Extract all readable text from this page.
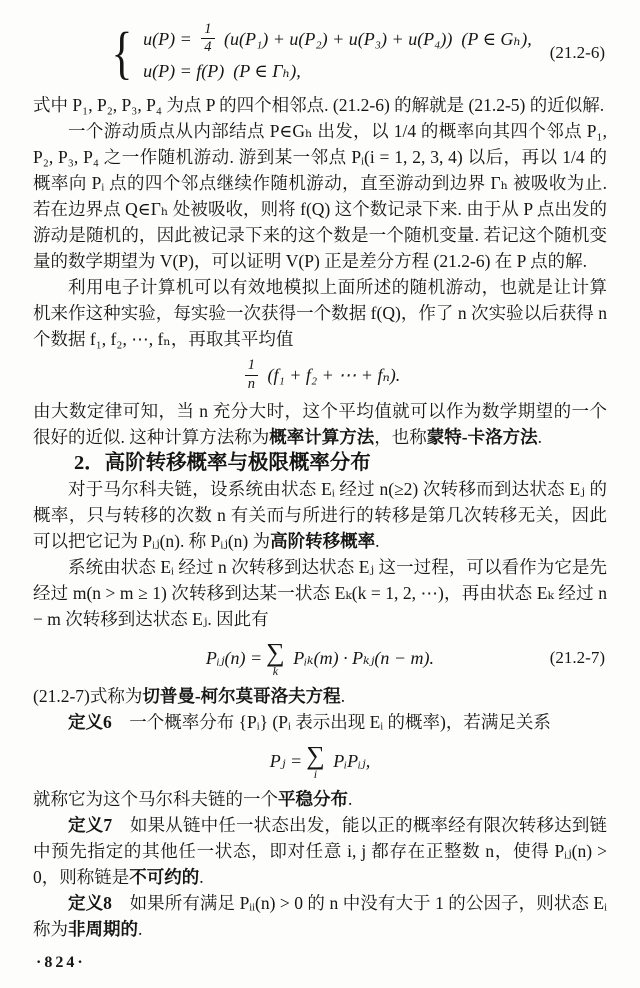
{ $u(P) = \frac{1}{4} (u(P_1) + u(P_2) + u(P_3) + u(P_4))$  (P ∈ Gₕ),
u(P) = f(P)  (P ∈ Γₕ),
(21.2-6)

式中 P₁, P₂, P₃, P₄ 为点 P 的四个相邻点. (21.2-6) 的解就是 (21.2-5) 的近似解.

一个游动质点从内部结点 P∈Gₕ 出发，以 1/4 的概率向其四个邻点 P₁, P₂, P₃, P₄ 之一作随机游动. 游到某一邻点 Pᵢ(i = 1, 2, 3, 4) 以后，再以 1/4 的概率向 Pᵢ 点的四个邻点继续作随机游动，直至游动到边界 Γₕ 被吸收为止. 若在边界点 Q∈Γₕ 处被吸收，则将 f(Q) 这个数记录下来. 由于从 P 点出发的游动是随机的，因此被记录下来的这个数是一个随机变量. 若记这个随机变量的数学期望为 V(P)，可以证明 V(P) 正是差分方程 (21.2-6) 在 P 点的解.

利用电子计算机可以有效地模拟上面所述的随机游动，也就是让计算机来作这种实验，每实验一次获得一个数据 f(Q)，作了 n 次实验以后获得 n 个数据 f₁, f₂, ⋯, fₙ，再取其平均值

$\frac{1}{n} (f_1 + f_2$ + ⋯ + fₙ).

由大数定律可知，当 n 充分大时，这个平均值就可以作为数学期望的一个很好的近似. 这种计算方法称为概率计算方法，也称蒙特-卡洛方法.

2．高阶转移概率与极限概率分布

对于马尔科夫链，设系统由状态 Eᵢ 经过 n(≥2) 次转移而到达状态 Eⱼ 的概率，只与转移的次数 n 有关而与所进行的转移是第几次转移无关，因此可以把它记为 Pᵢⱼ(n). 称 Pᵢⱼ(n) 为高阶转移概率.

系统由状态 Eᵢ 经过 n 次转移到达状态 Eⱼ 这一过程，可以看作为它是先经过 m(n > m ≥ 1) 次转移到达某一状态 Eₖ(k = 1, 2, ⋯)，再由状态 Eₖ 经过 n − m 次转移到达状态 Eⱼ. 因此有

Pᵢⱼ(n) = ∑
k
Pᵢₖ(m) · Pₖⱼ(n − m).	(21.2-7)

(21.2-7)式称为切普曼-柯尔莫哥洛夫方程.

定义6　一个概率分布 {Pᵢ} (Pᵢ 表示出现 Eᵢ 的概率)，若满足关系

Pⱼ = ∑
i
PᵢPᵢⱼ,

就称它为这个马尔科夫链的一个平稳分布.

定义7　如果从链中任一状态出发，能以正的概率经有限次转移达到链中预先指定的其他任一状态，即对任意 i, j 都存在正整数 n，使得 Pᵢⱼ(n) > 0，则称链是不可约的.

定义8　如果所有满足 Pᵢᵢ(n) > 0 的 n 中没有大于 1 的公因子，则状态 Eᵢ 称为非周期的.

·824·
